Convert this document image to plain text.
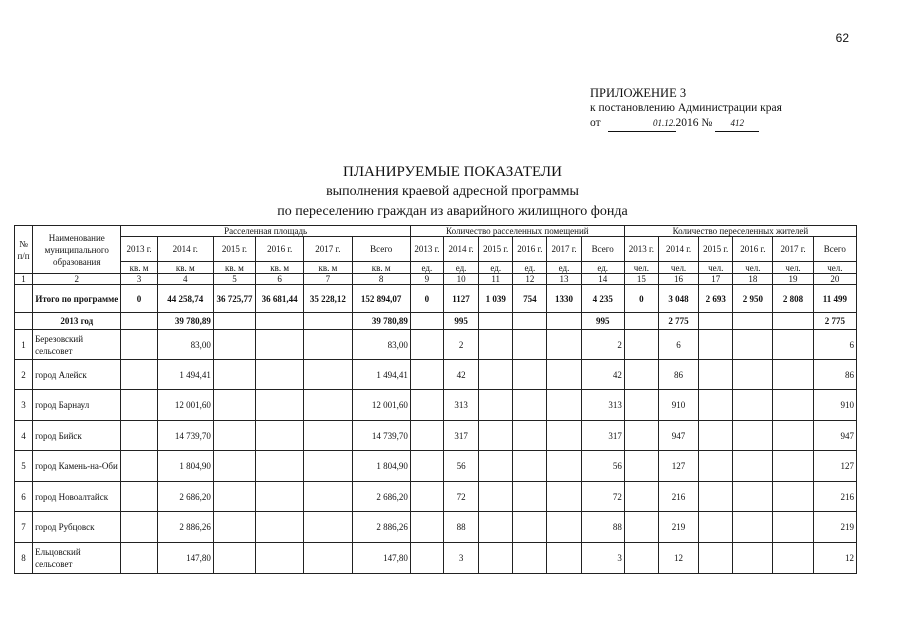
62
ПРИЛОЖЕНИЕ 3
к постановлению Администрации края
от	01.12.2016 № 412
ПЛАНИРУЕМЫЕ ПОКАЗАТЕЛИ
выполнения краевой адресной программы
по переселению граждан из аварийного жилищного фонда
№ п/п	Наименование муниципального образования	Расселенная площадь						Количество расселенных помещений						Количество переселенных жителей					
		2013 г.	2014 г.	2015 г.	2016 г.	2017 г.	Всего	2013 г.	2014 г.	2015 г.	2016 г.	2017 г.	Всего	2013 г.	2014 г.	2015 г.	2016 г.	2017 г.	Всего
		кв. м	кв. м	кв. м	кв. м	кв. м	кв. м	ед.	ед.	ед.	ед.	ед.	ед.	чел.	чел.	чел.	чел.	чел.	чел.
1	2	3	4	5	6	7	8	9	10	11	12	13	14	15	16	17	18	19	20
	Итого по программе	0	44 258,74	36 725,77	36 681,44	35 228,12	152 894,07	0	1127	1 039	754	1330	4 235	0	3 048	2 693	2 950	2 808	11 499
	2013 год		39 780,89				39 780,89		995				995		2 775				2 775
1	Березовский сельсовет		83,00				83,00		2				2		6				6
2	город Алейск		1 494,41				1 494,41		42				42		86				86
3	город Барнаул		12 001,60				12 001,60		313				313		910				910
4	город Бийск		14 739,70				14 739,70		317				317		947				947
5	город Камень-на-Оби		1 804,90				1 804,90		56				56		127				127
6	город Новоалтайск		2 686,20				2 686,20		72				72		216				216
7	город Рубцовск		2 886,26				2 886,26		88				88		219				219
8	Ельцовский сельсовет		147,80				147,80		3				3		12				12
